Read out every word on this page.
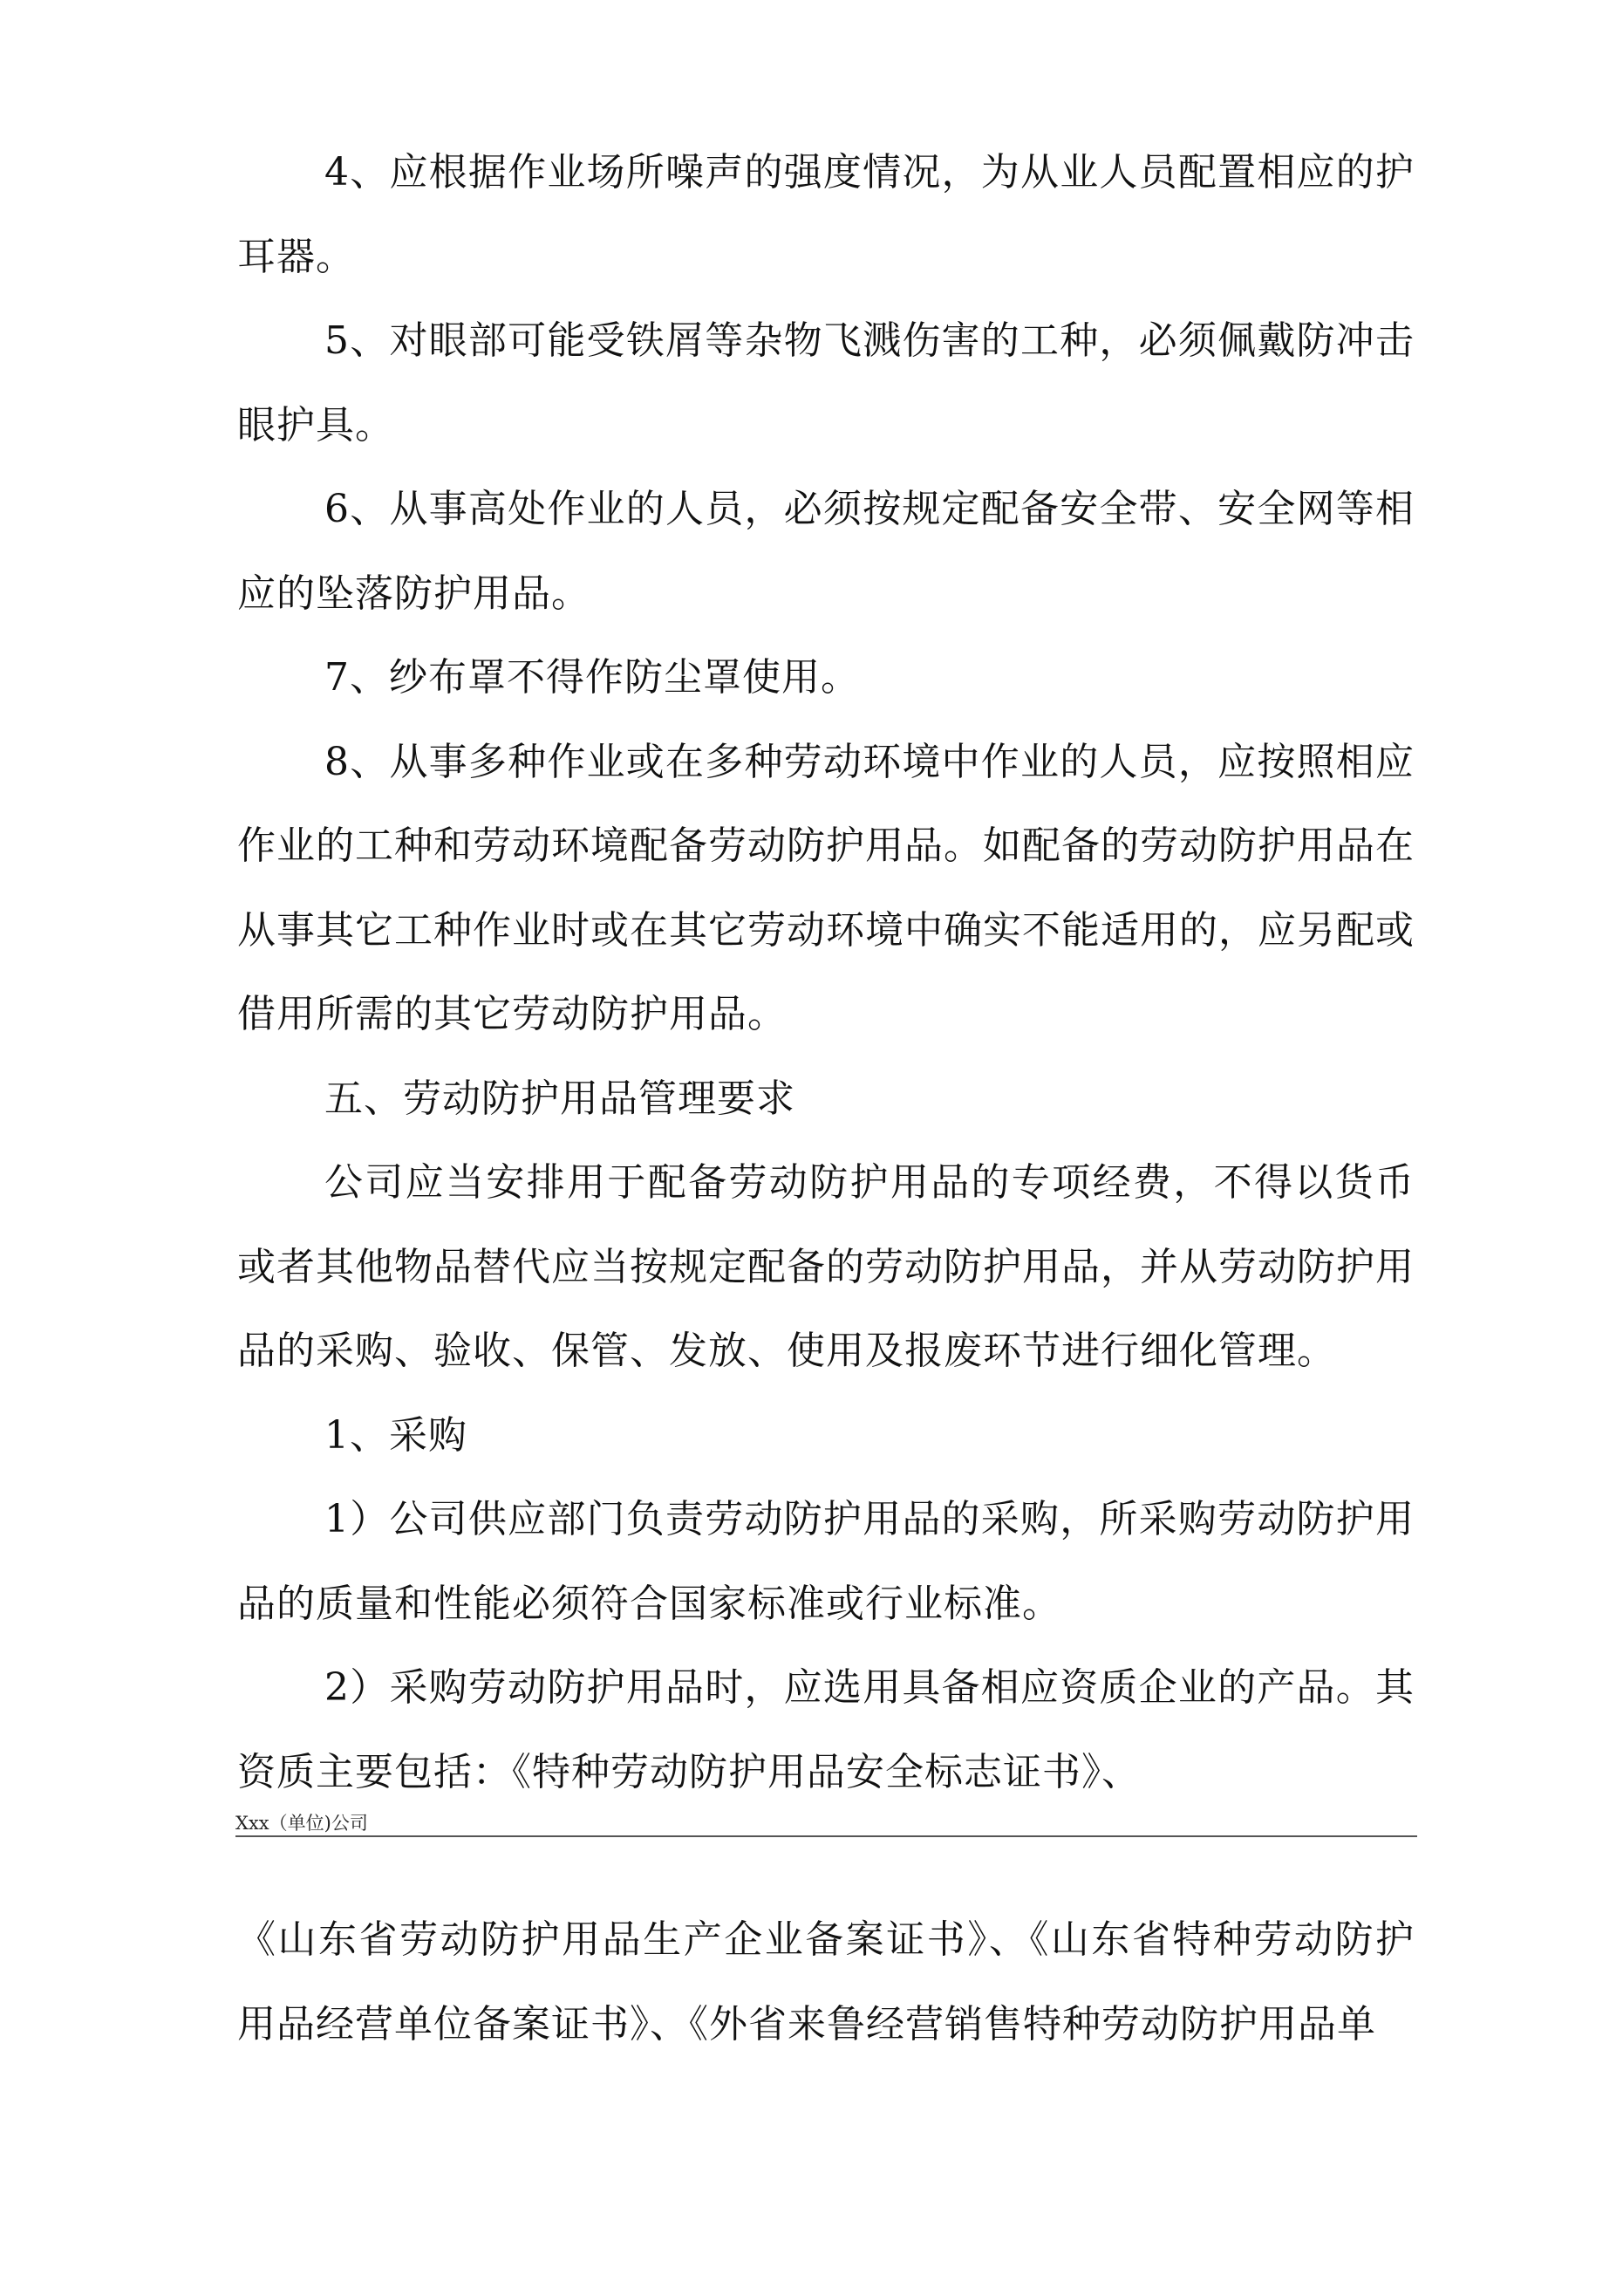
4、应根据作业场所噪声的强度情况，为从业人员配置相应的护耳器。

5、对眼部可能受铁屑等杂物飞溅伤害的工种，必须佩戴防冲击眼护具。

6、从事高处作业的人员，必须按规定配备安全带、安全网等相应的坠落防护用品。

7、纱布罩不得作防尘罩使用。

8、从事多种作业或在多种劳动环境中作业的人员，应按照相应作业的工种和劳动环境配备劳动防护用品。如配备的劳动防护用品在从事其它工种作业时或在其它劳动环境中确实不能适用的，应另配或借用所需的其它劳动防护用品。

五、劳动防护用品管理要求

公司应当安排用于配备劳动防护用品的专项经费，不得以货币或者其他物品替代应当按规定配备的劳动防护用品，并从劳动防护用品的采购、验收、保管、发放、使用及报废环节进行细化管理。

1、采购

1）公司供应部门负责劳动防护用品的采购，所采购劳动防护用品的质量和性能必须符合国家标准或行业标准。

2）采购劳动防护用品时，应选用具备相应资质企业的产品。其资质主要包括：《特种劳动防护用品安全标志证书》、

Xxx（单位)公司

《山东省劳动防护用品生产企业备案证书》、《山东省特种劳动防护用品经营单位备案证书》、《外省来鲁经营销售特种劳动防护用品单
